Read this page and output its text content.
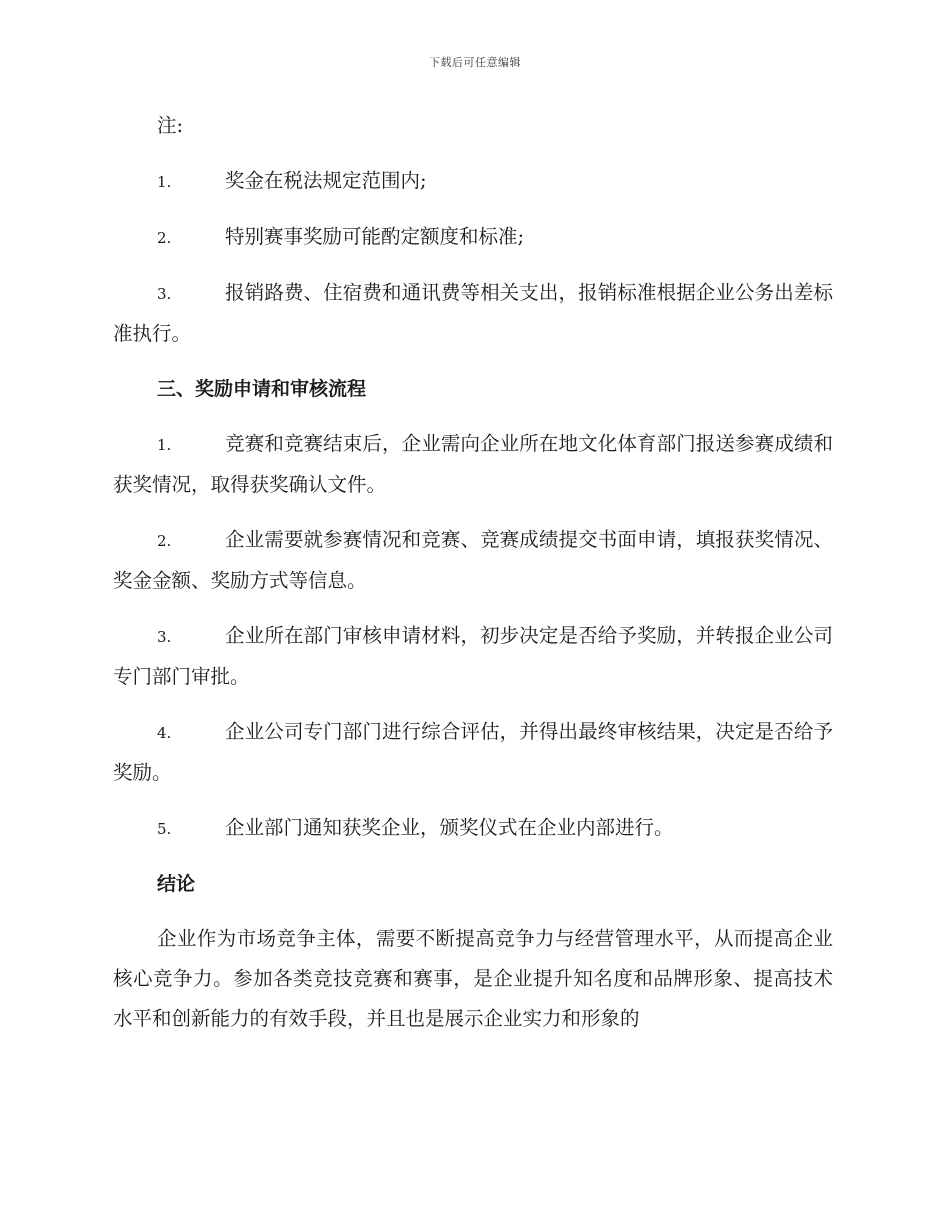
下载后可任意编辑

注:

1.	奖金在税法规定范围内;

2.	特别赛事奖励可能酌定额度和标准;

3.	报销路费、住宿费和通讯费等相关支出，报销标准根据企业公务出差标准执行。

三、奖励申请和审核流程

1.	竞赛和竞赛结束后，企业需向企业所在地文化体育部门报送参赛成绩和获奖情况，取得获奖确认文件。

2.	企业需要就参赛情况和竞赛、竞赛成绩提交书面申请，填报获奖情况、奖金金额、奖励方式等信息。

3.	企业所在部门审核申请材料，初步决定是否给予奖励，并转报企业公司专门部门审批。

4.	企业公司专门部门进行综合评估，并得出最终审核结果，决定是否给予奖励。

5.	企业部门通知获奖企业，颁奖仪式在企业内部进行。

结论

企业作为市场竞争主体，需要不断提高竞争力与经营管理水平，从而提高企业核心竞争力。参加各类竞技竞赛和赛事，是企业提升知名度和品牌形象、提高技术水平和创新能力的有效手段，并且也是展示企业实力和形象的
